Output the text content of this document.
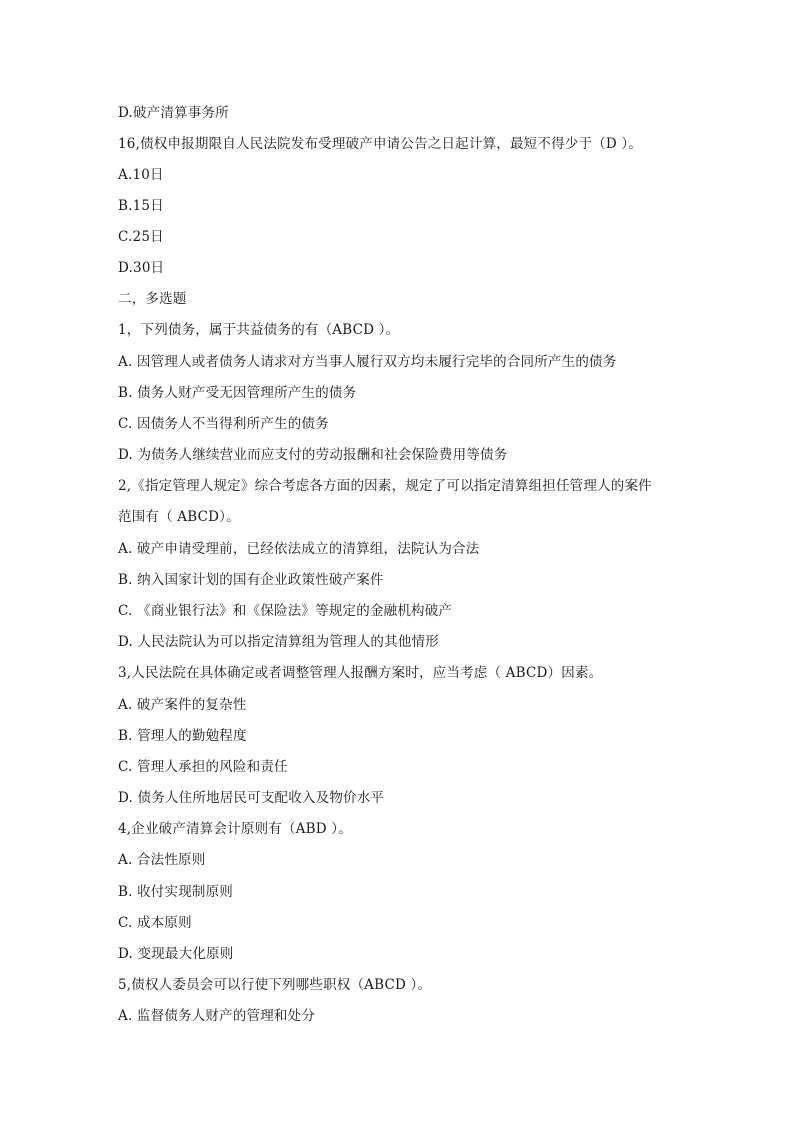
D.破产清算事务所
16,债权申报期限自人民法院发布受理破产申请公告之日起计算，最短不得少于（D ）。
A.10日
B.15日
C.25日
D.30日
二，多选题
1，下列债务，属于共益债务的有（ABCD ）。
A. 因管理人或者债务人请求对方当事人履行双方均未履行完毕的合同所产生的债务
B. 债务人财产受无因管理所产生的债务
C. 因债务人不当得利所产生的债务
D. 为债务人继续营业而应支付的劳动报酬和社会保险费用等债务
2,《指定管理人规定》综合考虑各方面的因素，规定了可以指定清算组担任管理人的案件
范围有（ ABCD）。
A. 破产申请受理前，已经依法成立的清算组，法院认为合法
B. 纳入国家计划的国有企业政策性破产案件
C. 《商业银行法》和《保险法》等规定的金融机构破产
D. 人民法院认为可以指定清算组为管理人的其他情形
3,人民法院在具体确定或者调整管理人报酬方案时，应当考虑（ ABCD）因素。
A. 破产案件的复杂性
B. 管理人的勤勉程度
C. 管理人承担的风险和责任
D. 债务人住所地居民可支配收入及物价水平
4,企业破产清算会计原则有（ABD ）。
A. 合法性原则
B. 收付实现制原则
C. 成本原则
D. 变现最大化原则
5,债权人委员会可以行使下列哪些职权（ABCD ）。
A. 监督债务人财产的管理和处分
